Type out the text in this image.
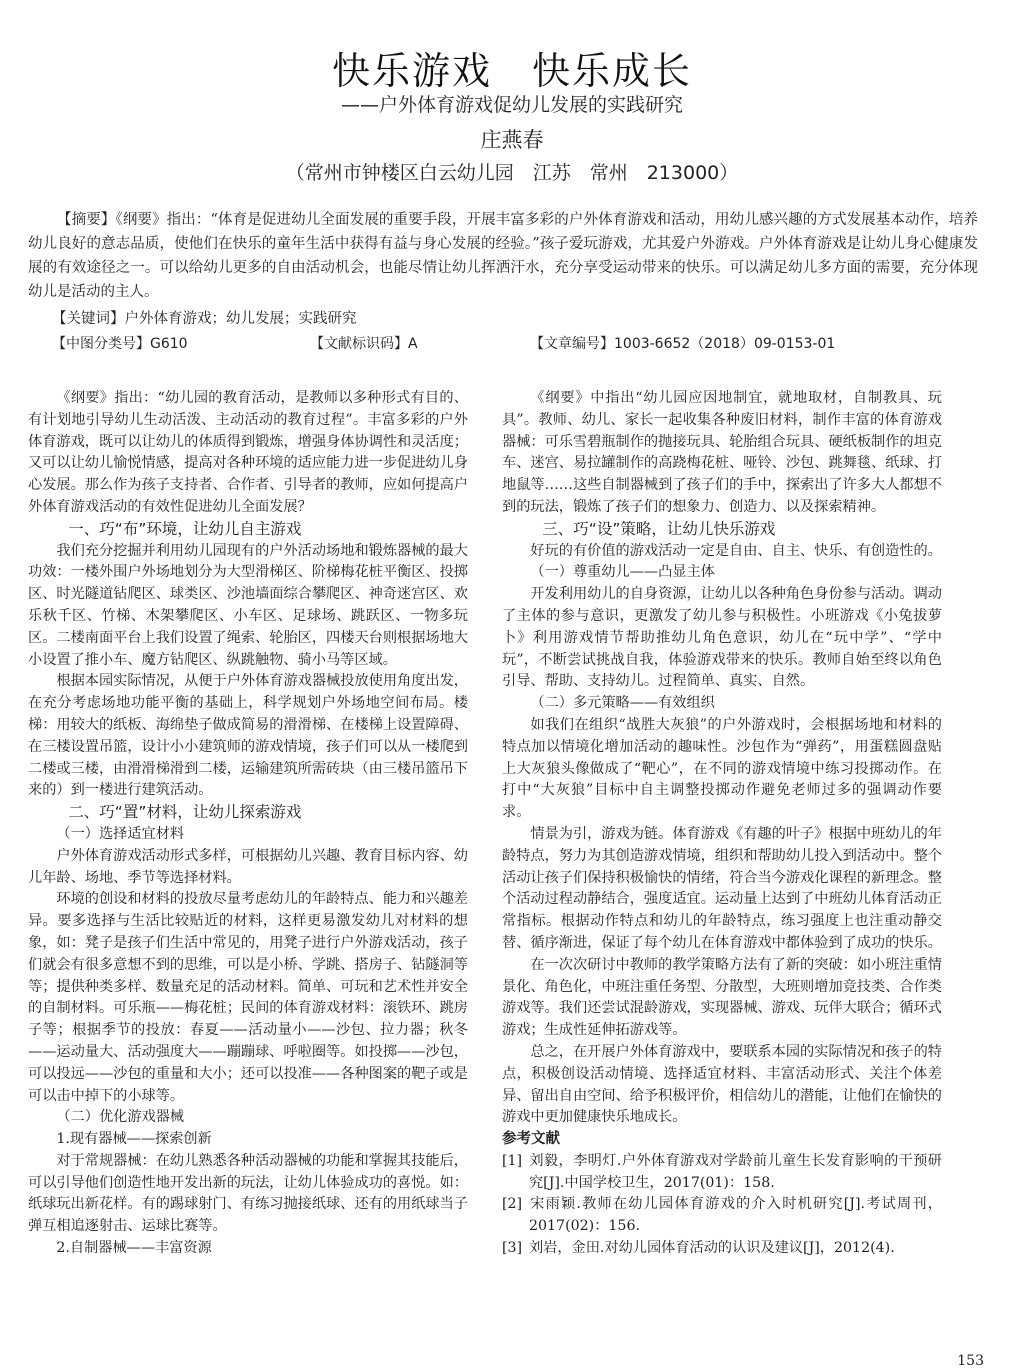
快乐游戏　快乐成长
——户外体育游戏促幼儿发展的实践研究
庄燕春
（常州市钟楼区白云幼儿园　江苏　常州　213000）

【摘要】《纲要》指出：“体育是促进幼儿全面发展的重要手段，开展丰富多彩的户外体育游戏和活动，用幼儿感兴趣的方式发展基本动作，培养幼儿良好的意志品质，使他们在快乐的童年生活中获得有益与身心发展的经验。”孩子爱玩游戏，尤其爱户外游戏。户外体育游戏是让幼儿身心健康发展的有效途径之一。可以给幼儿更多的自由活动机会，也能尽情让幼儿挥洒汗水，充分享受运动带来的快乐。可以满足幼儿多方面的需要，充分体现幼儿是活动的主人。

【关键词】户外体育游戏；幼儿发展；实践研究

【中图分类号】G610	【文献标识码】A	【文章编号】1003-6652（2018）09-0153-01

《纲要》指出：“幼儿园的教育活动，是教师以多种形式有目的、有计划地引导幼儿生动活泼、主动活动的教育过程”。丰富多彩的户外体育游戏，既可以让幼儿的体质得到锻炼，增强身体协调性和灵活度；又可以让幼儿愉悦情感，提高对各种环境的适应能力进一步促进幼儿身心发展。那么作为孩子支持者、合作者、引导者的教师，应如何提高户外体育游戏活动的有效性促进幼儿全面发展？

一、巧“布”环境，让幼儿自主游戏

我们充分挖掘并利用幼儿园现有的户外活动场地和锻炼器械的最大功效：一楼外围户外场地划分为大型滑梯区、阶梯梅花桩平衡区、投掷区、时光隧道钻爬区、球类区、沙池墙面综合攀爬区、神奇迷宫区、欢乐秋千区、竹梯、木架攀爬区、小车区、足球场、跳跃区、一物多玩区。二楼南面平台上我们设置了绳索、轮胎区，四楼天台则根据场地大小设置了推小车、魔方钻爬区、纵跳触物、骑小马等区域。

根据本园实际情况，从便于户外体育游戏器械投放使用角度出发，在充分考虑场地功能平衡的基础上，科学规划户外场地空间布局。楼梯：用较大的纸板、海绵垫子做成简易的滑滑梯、在楼梯上设置障碍、在三楼设置吊篮，设计小小建筑师的游戏情境，孩子们可以从一楼爬到二楼或三楼，由滑滑梯滑到二楼，运输建筑所需砖块（由三楼吊篮吊下来的）到一楼进行建筑活动。

二、巧“置”材料，让幼儿探索游戏
（一）选择适宜材料

户外体育游戏活动形式多样，可根据幼儿兴趣、教育目标内容、幼儿年龄、场地、季节等选择材料。

环境的创设和材料的投放尽量考虑幼儿的年龄特点、能力和兴趣差异。要多选择与生活比较贴近的材料，这样更易激发幼儿对材料的想象，如：凳子是孩子们生活中常见的，用凳子进行户外游戏活动，孩子们就会有很多意想不到的思维，可以是小桥、学跳、搭房子、钻隧洞等等；提供种类多样、数量充足的活动材料。简单、可玩和艺术性并安全的自制材料。可乐瓶——梅花桩；民间的体育游戏材料：滚铁环、跳房子等；根据季节的投放：春夏——活动量小——沙包、拉力器；秋冬——运动量大、活动强度大——蹦蹦球、呼啦圈等。如投掷——沙包，可以投远——沙包的重量和大小；还可以投准——各种图案的靶子或是可以击中掉下的小球等。

（二）优化游戏器械
1.现有器械——探索创新

对于常规器械：在幼儿熟悉各种活动器械的功能和掌握其技能后，可以引导他们创造性地开发出新的玩法，让幼儿体验成功的喜悦。如：纸球玩出新花样。有的踢球射门、有练习抛接纸球、还有的用纸球当子弹互相追逐射击、运球比赛等。

2.自制器械——丰富资源

《纲要》中指出“幼儿园应因地制宜，就地取材，自制教具、玩具”。教师、幼儿、家长一起收集各种废旧材料，制作丰富的体育游戏器械：可乐雪碧瓶制作的抛接玩具、轮胎组合玩具、硬纸板制作的坦克车、迷宫、易拉罐制作的高跷梅花桩、哑铃、沙包、跳舞毯、纸球、打地鼠等……这些自制器械到了孩子们的手中，探索出了许多大人都想不到的玩法，锻炼了孩子们的想象力、创造力、以及探索精神。

三、巧“设”策略，让幼儿快乐游戏

好玩的有价值的游戏活动一定是自由、自主、快乐、有创造性的。

（一）尊重幼儿——凸显主体

开发利用幼儿的自身资源，让幼儿以各种角色身份参与活动。调动了主体的参与意识，更激发了幼儿参与积极性。小班游戏《小兔拔萝卜》利用游戏情节帮助推幼儿角色意识，幼儿在“玩中学”、“学中玩”，不断尝试挑战自我，体验游戏带来的快乐。教师自始至终以角色引导、帮助、支持幼儿。过程简单、真实、自然。

（二）多元策略——有效组织

如我们在组织“战胜大灰狼”的户外游戏时，会根据场地和材料的特点加以情境化增加活动的趣味性。沙包作为“弹药”，用蛋糕圆盘贴上大灰狼头像做成了“靶心”，在不同的游戏情境中练习投掷动作。在打中“大灰狼”目标中自主调整投掷动作避免老师过多的强调动作要求。

情景为引，游戏为链。体育游戏《有趣的叶子》根据中班幼儿的年龄特点，努力为其创造游戏情境，组织和帮助幼儿投入到活动中。整个活动让孩子们保持积极愉快的情绪，符合当今游戏化课程的新理念。整个活动过程动静结合，强度适宜。运动量上达到了中班幼儿体育活动正常指标。根据动作特点和幼儿的年龄特点，练习强度上也注重动静交替、循序渐进，保证了每个幼儿在体育游戏中都体验到了成功的快乐。

在一次次研讨中教师的教学策略方法有了新的突破：如小班注重情景化、角色化，中班注重任务型、分散型，大班则增加竞技类、合作类游戏等。我们还尝试混龄游戏，实现器械、游戏、玩伴大联合；循环式游戏；生成性延伸拓游戏等。

总之，在开展户外体育游戏中，要联系本园的实际情况和孩子的特点，积极创设活动情境、选择适宜材料、丰富活动形式、关注个体差异、留出自由空间、给予积极评价，相信幼儿的潜能，让他们在愉快的游戏中更加健康快乐地成长。

参考文献

[1] 刘毅，李明灯.户外体育游戏对学龄前儿童生长发育影响的干预研究[J].中国学校卫生，2017(01)：158.

[2] 宋雨颖.教师在幼儿园体育游戏的介入时机研究[J].考试周刊，2017(02)：156.

[3] 刘岩，金田.对幼儿园体育活动的认识及建议[J]，2012(4).

153
